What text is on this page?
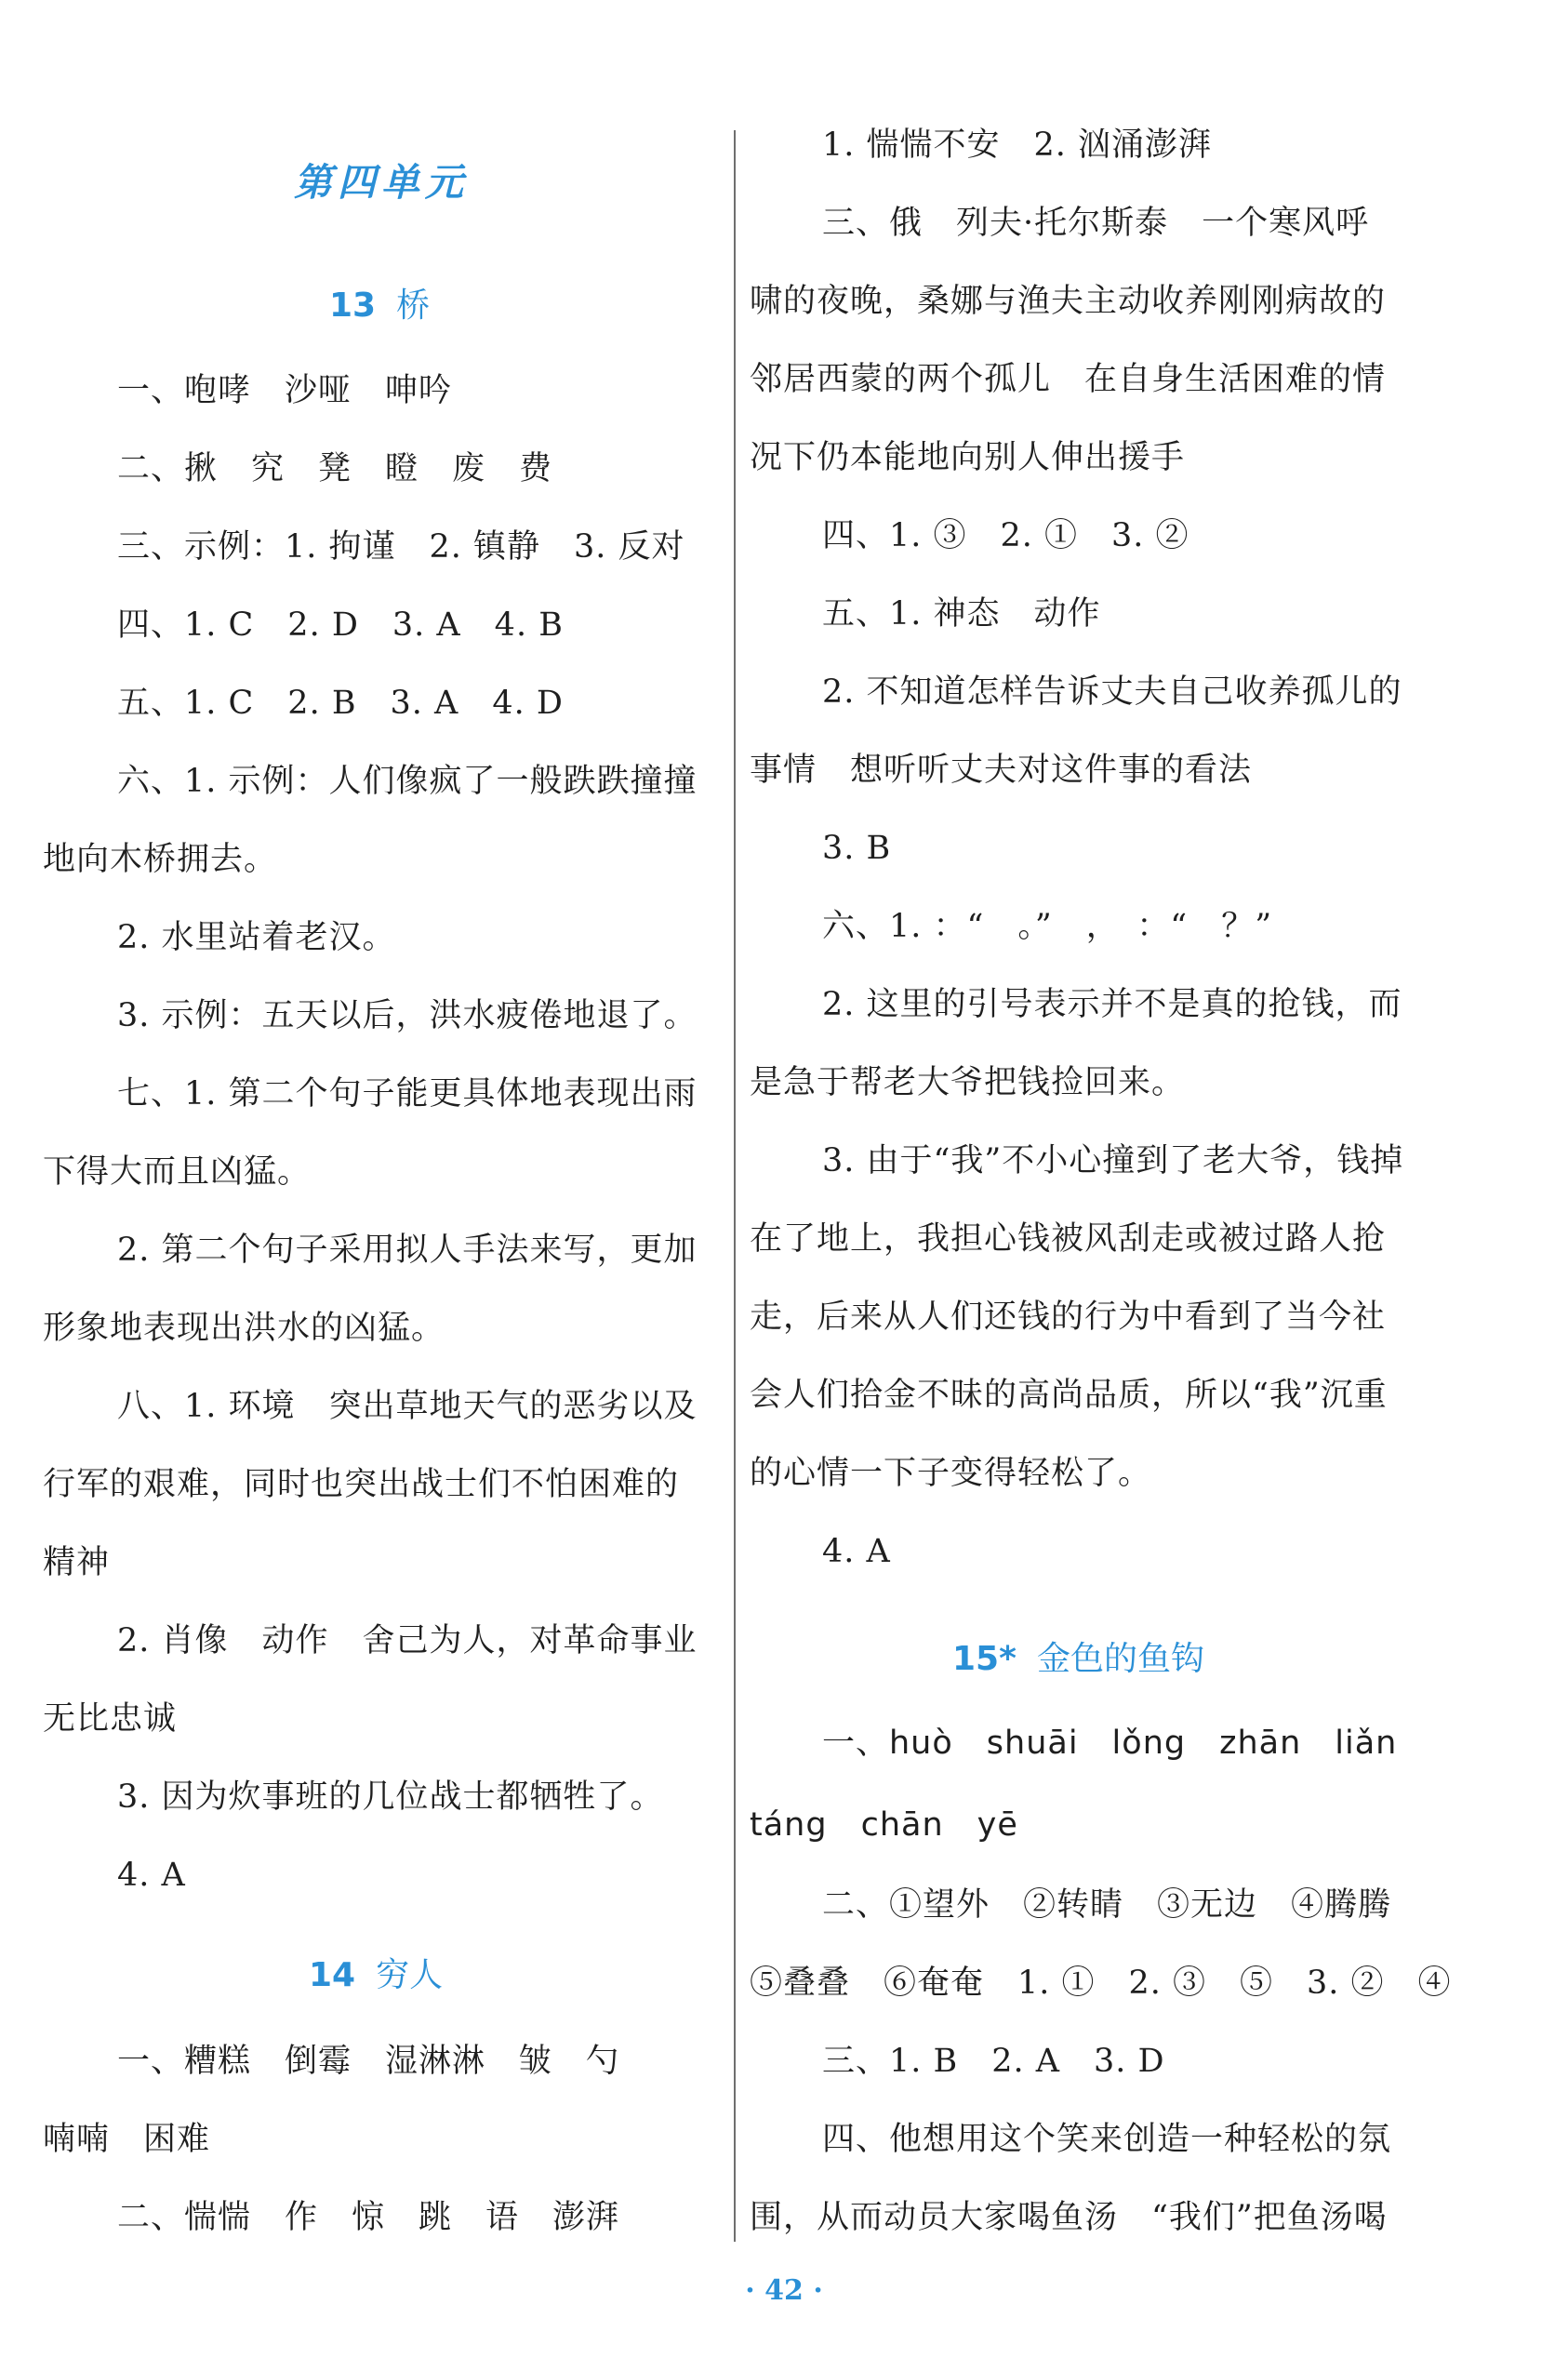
第四单元
13 桥
一、咆哮　沙哑　呻吟
二、揪　究　凳　瞪　废　费
三、示例：1. 拘谨　2. 镇静　3. 反对
四、1. C　2. D　3. A　4. B
五、1. C　2. B　3. A　4. D
六、1. 示例：人们像疯了一般跌跌撞撞
地向木桥拥去。
2. 水里站着老汉。
3. 示例：五天以后，洪水疲倦地退了。
七、1. 第二个句子能更具体地表现出雨
下得大而且凶猛。
2. 第二个句子采用拟人手法来写，更加
形象地表现出洪水的凶猛。
八、1. 环境　突出草地天气的恶劣以及
行军的艰难，同时也突出战士们不怕困难的
精神
2. 肖像　动作　舍己为人，对革命事业
无比忠诚
3. 因为炊事班的几位战士都牺牲了。
4. A
14 穷人
一、糟糕　倒霉　湿淋淋　皱　勺
喃喃　困难
二、惴惴　作　惊　跳　语　澎湃
1. 惴惴不安　2. 汹涌澎湃
三、俄　列夫·托尔斯泰　一个寒风呼
啸的夜晚，桑娜与渔夫主动收养刚刚病故的
邻居西蒙的两个孤儿　在自身生活困难的情
况下仍本能地向别人伸出援手
四、1. ③　2. ①　3. ②
五、1. 神态　动作
2. 不知道怎样告诉丈夫自己收养孤儿的
事情　想听听丈夫对这件事的看法
3. B
六、1. ：“　。”　，　：“　？”
2. 这里的引号表示并不是真的抢钱，而
是急于帮老大爷把钱捡回来。
3. 由于“我”不小心撞到了老大爷，钱掉
在了地上，我担心钱被风刮走或被过路人抢
走，后来从人们还钱的行为中看到了当今社
会人们拾金不昧的高尚品质，所以“我”沉重
的心情一下子变得轻松了。
4. A
15* 金色的鱼钩
一、huò　shuāi　lǒng　zhān　liǎn
táng　chān　yē
二、①望外　②转睛　③无边　④腾腾
⑤叠叠　⑥奄奄　1. ①　2. ③　⑤　3. ②　④
三、1. B　2. A　3. D
四、他想用这个笑来创造一种轻松的氛
围，从而动员大家喝鱼汤　“我们”把鱼汤喝
· 42 ·
